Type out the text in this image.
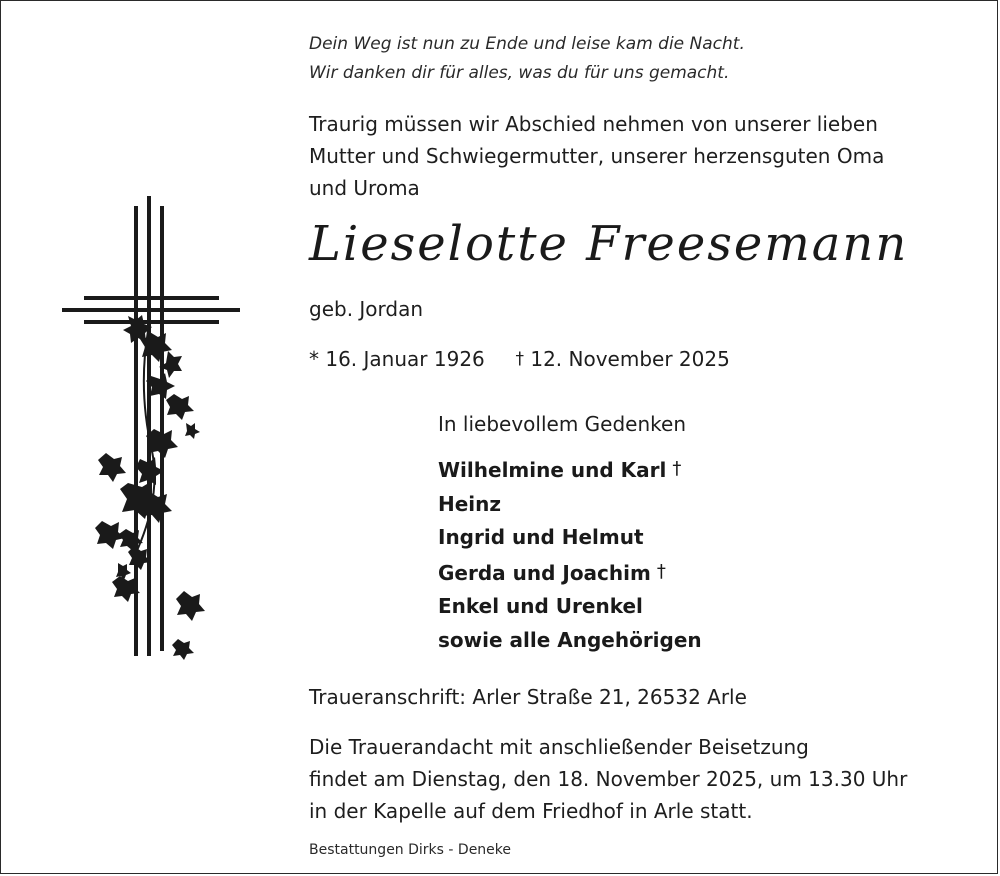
Dein Weg ist nun zu Ende und leise kam die Nacht.
Wir danken dir für alles, was du für uns gemacht.
Traurig müssen wir Abschied nehmen von unserer lieben
Mutter und Schwiegermutter, unserer herzensguten Oma
und Uroma
Lieselotte Freesemann
geb. Jordan
* 16. Januar 1926 † 12. November 2025
In liebevollem Gedenken
Wilhelmine und Karl †
Heinz
Ingrid und Helmut
Gerda und Joachim †
Enkel und Urenkel
sowie alle Angehörigen
Traueranschrift: Arler Straße 21, 26532 Arle
Die Trauerandacht mit anschließender Beisetzung
findet am Dienstag, den 18. November 2025, um 13.30 Uhr
in der Kapelle auf dem Friedhof in Arle statt.
Bestattungen Dirks - Deneke
